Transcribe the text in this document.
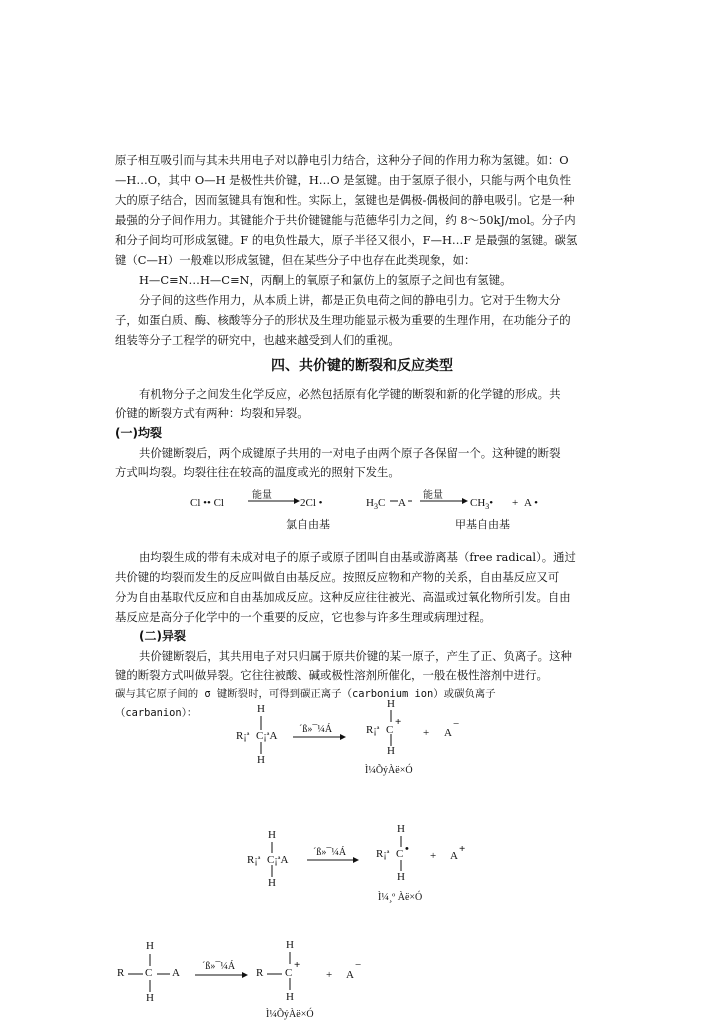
原子相互吸引而与其未共用电子对以静电引力结合，这种分子间的作用力称为氢键。如：O
—H…O，其中 O—H 是极性共价键，H…O 是氢键。由于氢原子很小，只能与两个电负性
大的原子结合，因而氢键具有饱和性。实际上，氢键也是偶极-偶极间的静电吸引。它是一种
最强的分子间作用力。其键能介于共价键键能与范德华引力之间，约 8～50kJ/mol。分子内
和分子间均可形成氢键。F 的电负性最大，原子半径又很小，F—H…F 是最强的氢键。碳氢
键（C—H）一般难以形成氢键，但在某些分子中也存在此类现象，如：
H—C≡N…H—C≡N，丙酮上的氧原子和氯仿上的氢原子之间也有氢键。
分子间的这些作用力，从本质上讲，都是正负电荷之间的静电引力。它对于生物大分
子，如蛋白质、酶、核酸等分子的形状及生理功能显示极为重要的生理作用，在功能分子的
组装等分子工程学的研究中，也越来越受到人们的重视。
四、共价键的断裂和反应类型
有机物分子之间发生化学反应，必然包括原有化学键的断裂和新的化学键的形成。共
价键的断裂方式有两种：均裂和异裂。
(一)均裂
共价键断裂后，两个成键原子共用的一对电子由两个原子各保留一个。这种键的断裂
方式叫均裂。均裂往往在较高的温度或光的照射下发生。
Cl •• Cl
能量
2Cl •
氯自由基
$H_3C$ A
能量
$CH_3• + A$ •
甲基自由基
由均裂生成的带有未成对电子的原子或原子团叫自由基或游离基（free radical）。通过
共价键的均裂而发生的反应叫做自由基反应。按照反应物和产物的关系，自由基反应又可
分为自由基取代反应和自由基加成反应。这种反应往往被光、高温或过氧化物所引发。自由
基反应是高分子化学中的一个重要的反应，它也参与许多生理或病理过程。
(二)异裂
共价键断裂后，其共用电子对只归属于原共价键的某一原子，产生了正、负离子。这种
键的断裂方式叫做异裂。它往往被酸、碱或极性溶剂所催化，一般在极性溶剂中进行。
碳与其它原子间的 σ 键断裂时，可得到碳正离子（carbonium ion）或碳负离子
（carbanion）：	H
R¡ª C¡ªA
H
´ß»¯¼Á
H
R¡ª C
+
+ A
−
H
Ì¼ÕýÀë×Ó
H
R¡ª C¡ªA
H
´ß»¯¼Á
H
R¡ª C •
+ A
+
H
Ì¼¸º Àë×Ó
H
R C A
H
´ß»¯¼Á
H
R C
+
+ A
−
H
Ì¼ÕýÀë×Ó
